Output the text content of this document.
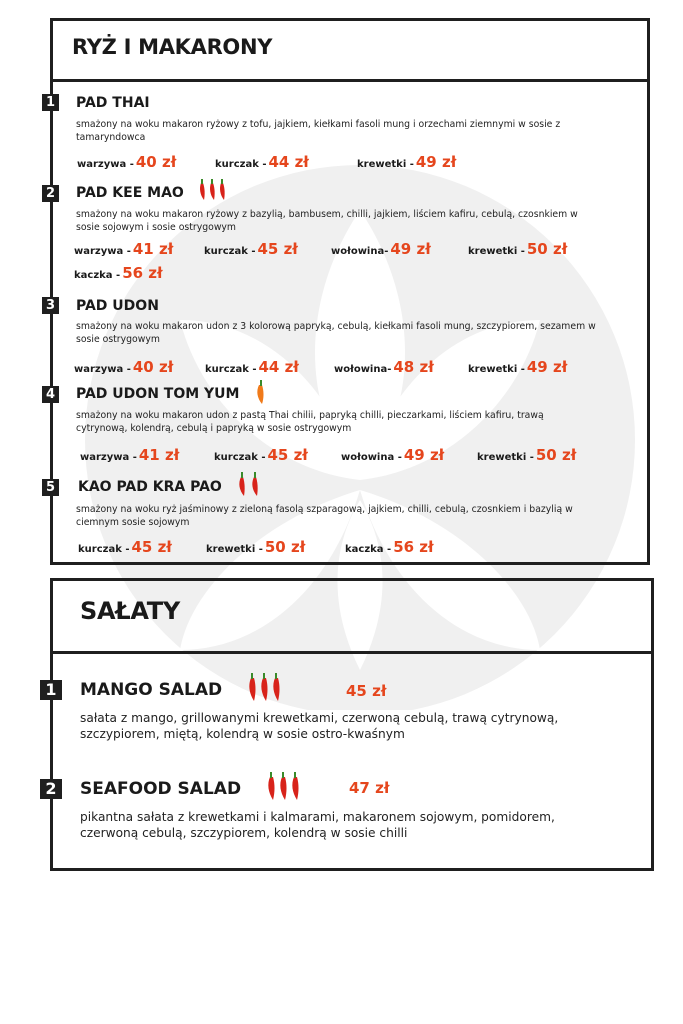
RYŻ I MAKARONY
1 PAD THAI
smażony na woku makaron ryżowy z tofu, jajkiem, kiełkami fasoli mung i orzechami ziemnymi w sosie z tamaryndowca
warzywa - 40 zł	kurczak - 44 zł	krewetki - 49 zł
2 PAD KEE MAO
smażony na woku makaron ryżowy z bazylią, bambusem, chilli, jajkiem, liściem kafiru, cebulą, czosnkiem w sosie sojowym i sosie ostrygowym
warzywa - 41 zł	kurczak - 45 zł	wołowina- 49 zł	krewetki - 50 zł
kaczka - 56 zł
3 PAD UDON
smażony na woku makaron udon z 3 kolorową papryką, cebulą, kiełkami fasoli mung, szczypiorem, sezamem w sosie ostrygowym
warzywa - 40 zł	kurczak - 44 zł	wołowina- 48 zł	krewetki - 49 zł
4 PAD UDON TOM YUM
smażony na woku makaron udon z pastą Thai chilii, papryką chilli, pieczarkami, liściem kafiru, trawą cytrynową, kolendrą, cebulą i papryką w sosie ostrygowym
warzywa - 41 zł	kurczak - 45 zł	wołowina - 49 zł	krewetki - 50 zł
5 KAO PAD KRA PAO
smażony na woku ryż jaśminowy z zieloną fasolą szparagową, jajkiem, chilli, cebulą, czosnkiem i bazylią w ciemnym sosie sojowym
kurczak - 45 zł	krewetki - 50 zł	kaczka - 56 zł
SAŁATY
1	MANGO SALAD	45 zł
sałata z mango, grillowanymi krewetkami, czerwoną cebulą, trawą cytrynową, szczypiorem, miętą, kolendrą w sosie ostro-kwaśnym
2	SEAFOOD SALAD	47 zł
pikantna sałata z krewetkami i kalmarami, makaronem sojowym, pomidorem, czerwoną cebulą, szczypiorem, kolendrą w sosie chilli
